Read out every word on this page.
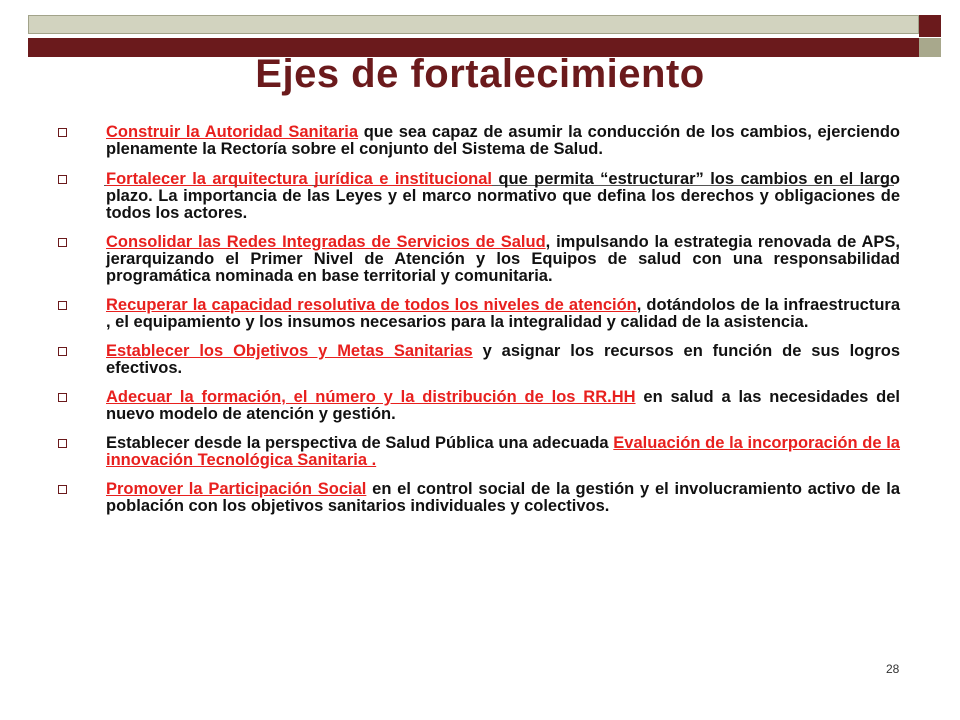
Ejes de fortalecimiento
Construir la Autoridad Sanitaria que sea capaz de asumir la conducción de los cambios, ejerciendo plenamente la Rectoría sobre el conjunto del Sistema de Salud.
Fortalecer la arquitectura jurídica e institucional que permita “estructurar” los cambios en el largo plazo. La importancia de las Leyes y el marco normativo que defina los derechos y obligaciones de todos los actores.
Consolidar las Redes Integradas de Servicios de Salud, impulsando la estrategia renovada de APS, jerarquizando el Primer Nivel de Atención y los Equipos de salud con una responsabilidad programática nominada en base territorial y comunitaria.
Recuperar la capacidad resolutiva de todos los niveles de atención, dotándolos de la infraestructura , el equipamiento y los insumos necesarios para la integralidad y calidad de la asistencia.
Establecer los Objetivos y Metas Sanitarias y asignar los recursos en función de sus logros efectivos.
Adecuar la formación, el número y la distribución de los RR.HH en salud a las necesidades del nuevo modelo de atención y gestión.
Establecer desde la perspectiva de Salud Pública una adecuada Evaluación de la incorporación de la innovación Tecnológica Sanitaria .
Promover la Participación Social en el control social de la gestión y el involucramiento activo de la población con los objetivos sanitarios individuales y colectivos.
28
